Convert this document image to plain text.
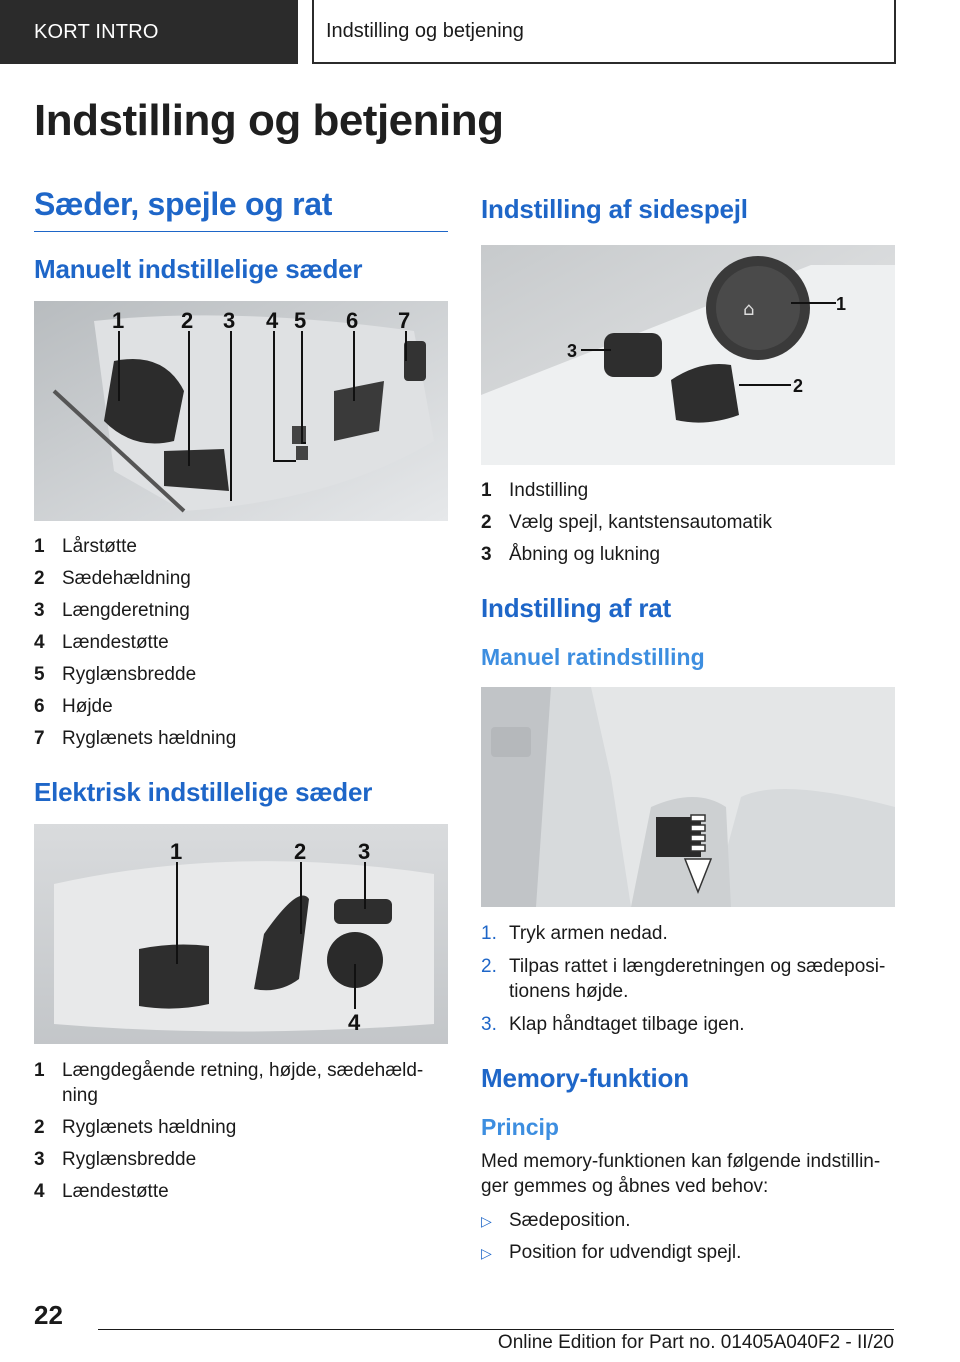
KORT INTRO	Indstilling og betjening
Indstilling og betjening
Sæder, spejle og rat
Manuelt indstillelige sæder
1	2 3 4 5 6 7
1 Lårstøtte
2 Sædehældning
3 Længderetning
4 Lændestøtte
5 Ryglænsbredde
6 Højde
7 Ryglænets hældning
Elektrisk indstillelige sæder
1	2 3
4
1 Længdegående retning, højde, sædehæld-ning
2 Ryglænets hældning
3 Ryglænsbredde
4 Lændestøtte
Indstilling af sidespejl
⌂	1
2
3
1 Indstilling
2 Vælg spejl, kantstensautomatik
3 Åbning og lukning
Indstilling af rat
Manuel ratindstilling
1. Tryk armen nedad.
2. Tilpas rattet i længderetningen og sædeposi-tionens højde.
3. Klap håndtaget tilbage igen.
Memory-funktion
Princip

Med memory-funktionen kan følgende indstillin-ger gemmes og åbnes ved behov:

▷ Sædeposition.
▷ Position for udvendigt spejl.
22
Online Edition for Part no. 01405A040F2 - II/20
